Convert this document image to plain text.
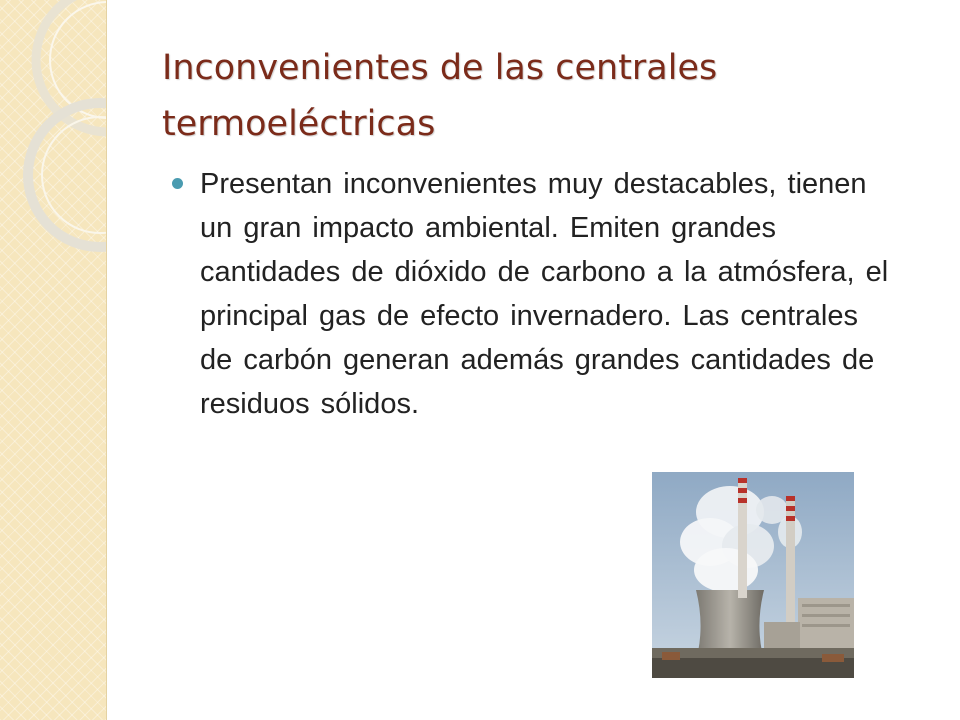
Inconvenientes de las centrales termoeléctricas
Presentan inconvenientes muy destacables, tienen un gran impacto ambiental. Emiten grandes cantidades de dióxido de carbono a la atmósfera, el principal gas de efecto invernadero. Las centrales de carbón generan además grandes cantidades de residuos sólidos.
